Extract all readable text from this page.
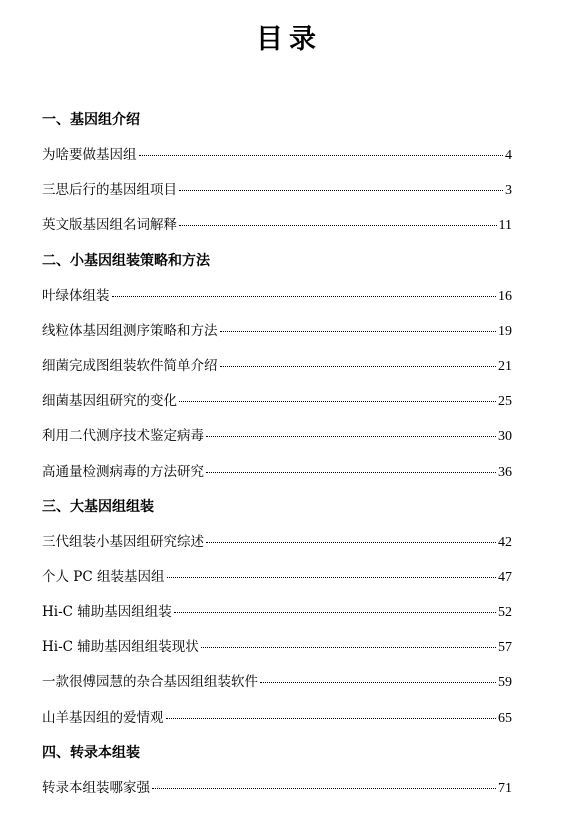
目录
一、基因组介绍
为啥要做基因组	4
三思后行的基因组项目	3
英文版基因组名词解释	11
二、小基因组装策略和方法
叶绿体组装	16
线粒体基因组测序策略和方法	19
细菌完成图组装软件简单介绍	21
细菌基因组研究的变化	25
利用二代测序技术鉴定病毒	30
高通量检测病毒的方法研究	36
三、大基因组组装
三代组装小基因组研究综述	42
个人 PC 组装基因组	47
Hi-C 辅助基因组组装	52
Hi-C 辅助基因组组装现状	57
一款很傅园慧的杂合基因组组装软件	59
山羊基因组的爱情观	65
四、转录本组装
转录本组装哪家强	71
